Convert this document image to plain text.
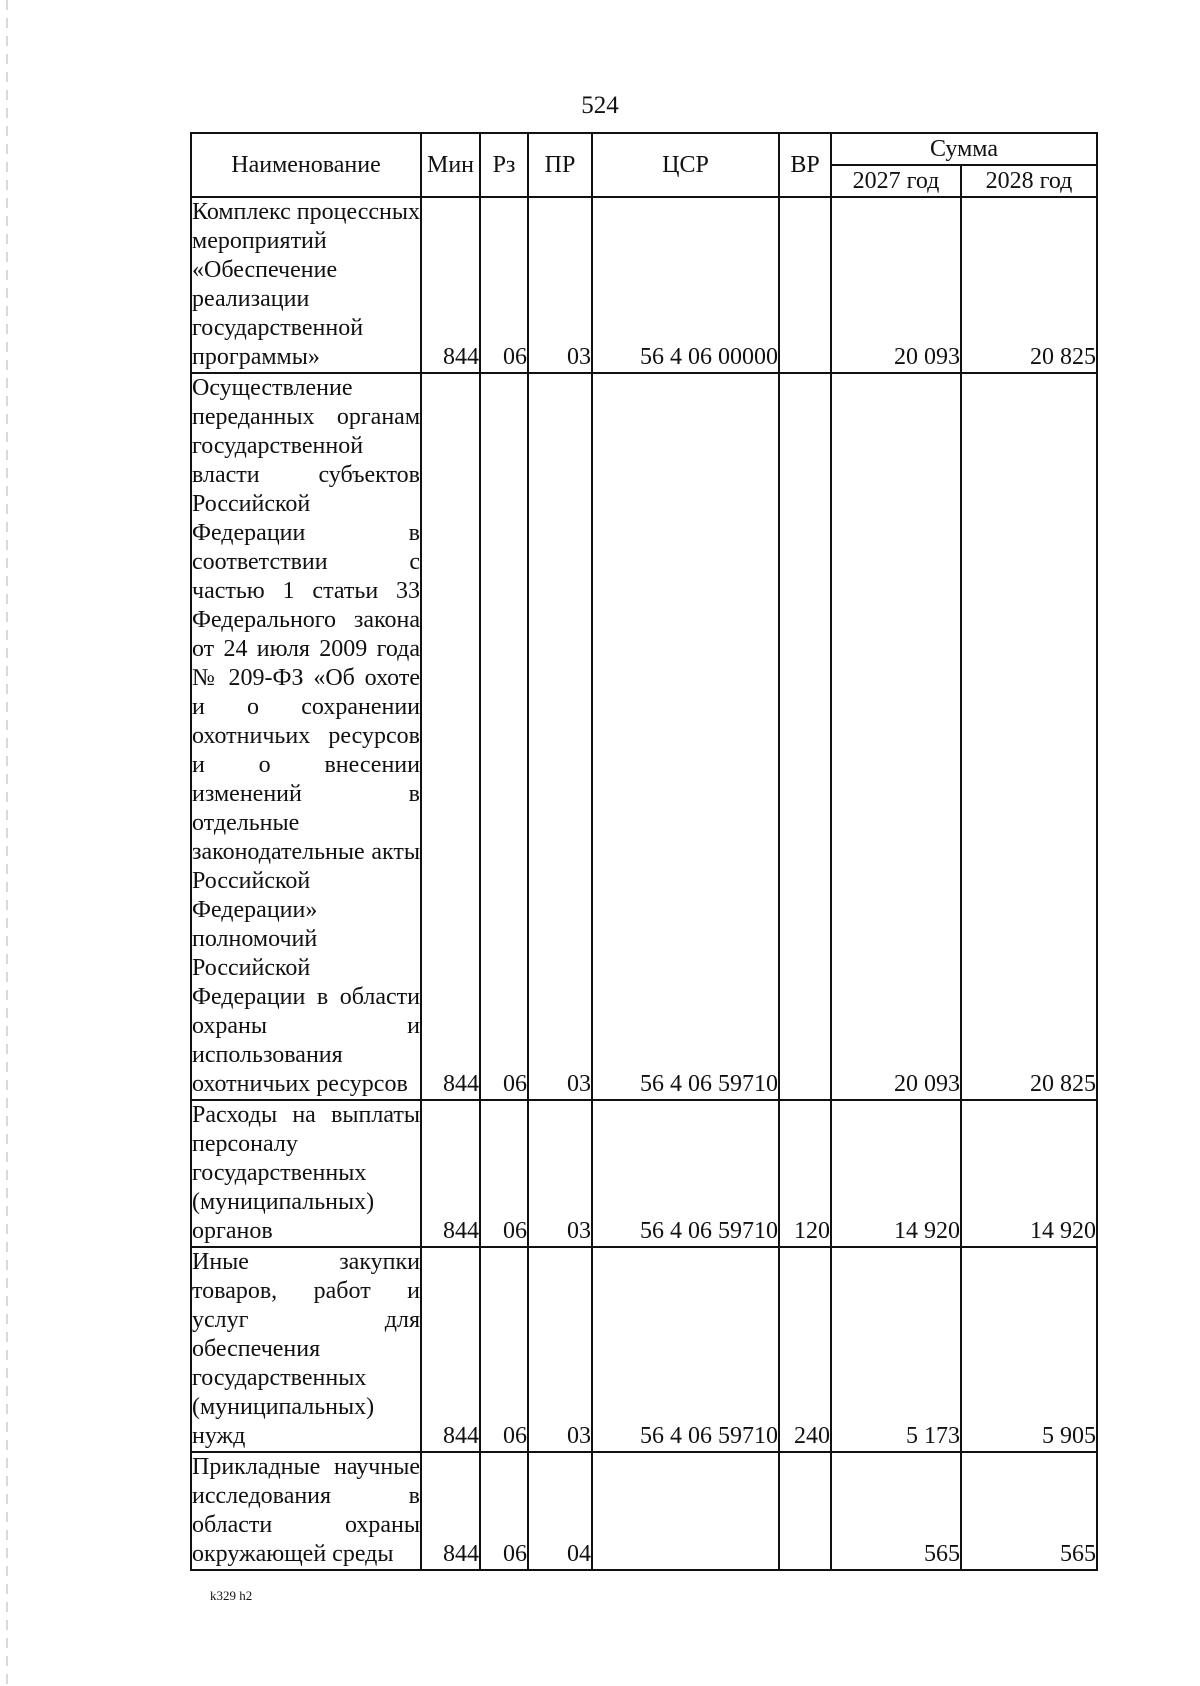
524
Наименование	Мин	Рз	ПР	ЦСР	ВР	Сумма	
						2027 год	2028 год
Комплекс процессных мероприятий «Обеспечение реализации государственной программы»	844	06	03	56 4 06 00000		20 093	20 825
Осуществление переданных органам государственной власти субъектов Российской Федерации в соответствии с частью 1 статьи 33 Федерального закона от 24 июля 2009 года № 209-ФЗ «Об охоте и о сохранении охотничьих ресурсов и о внесении изменений в отдельные законодательные акты Российской Федерации» полномочий Российской Федерации в области охраны и использования охотничьих ресурсов	844	06	03	56 4 06 59710		20 093	20 825
Расходы на выплаты персоналу государственных (муниципальных) органов	844	06	03	56 4 06 59710	120	14 920	14 920
Иные закупки товаров, работ и услуг для обеспечения государственных (муниципальных) нужд	844	06	03	56 4 06 59710	240	5 173	5 905
Прикладные научные исследования в области охраны окружающей среды	844	06	04			565	565
k329 h2
